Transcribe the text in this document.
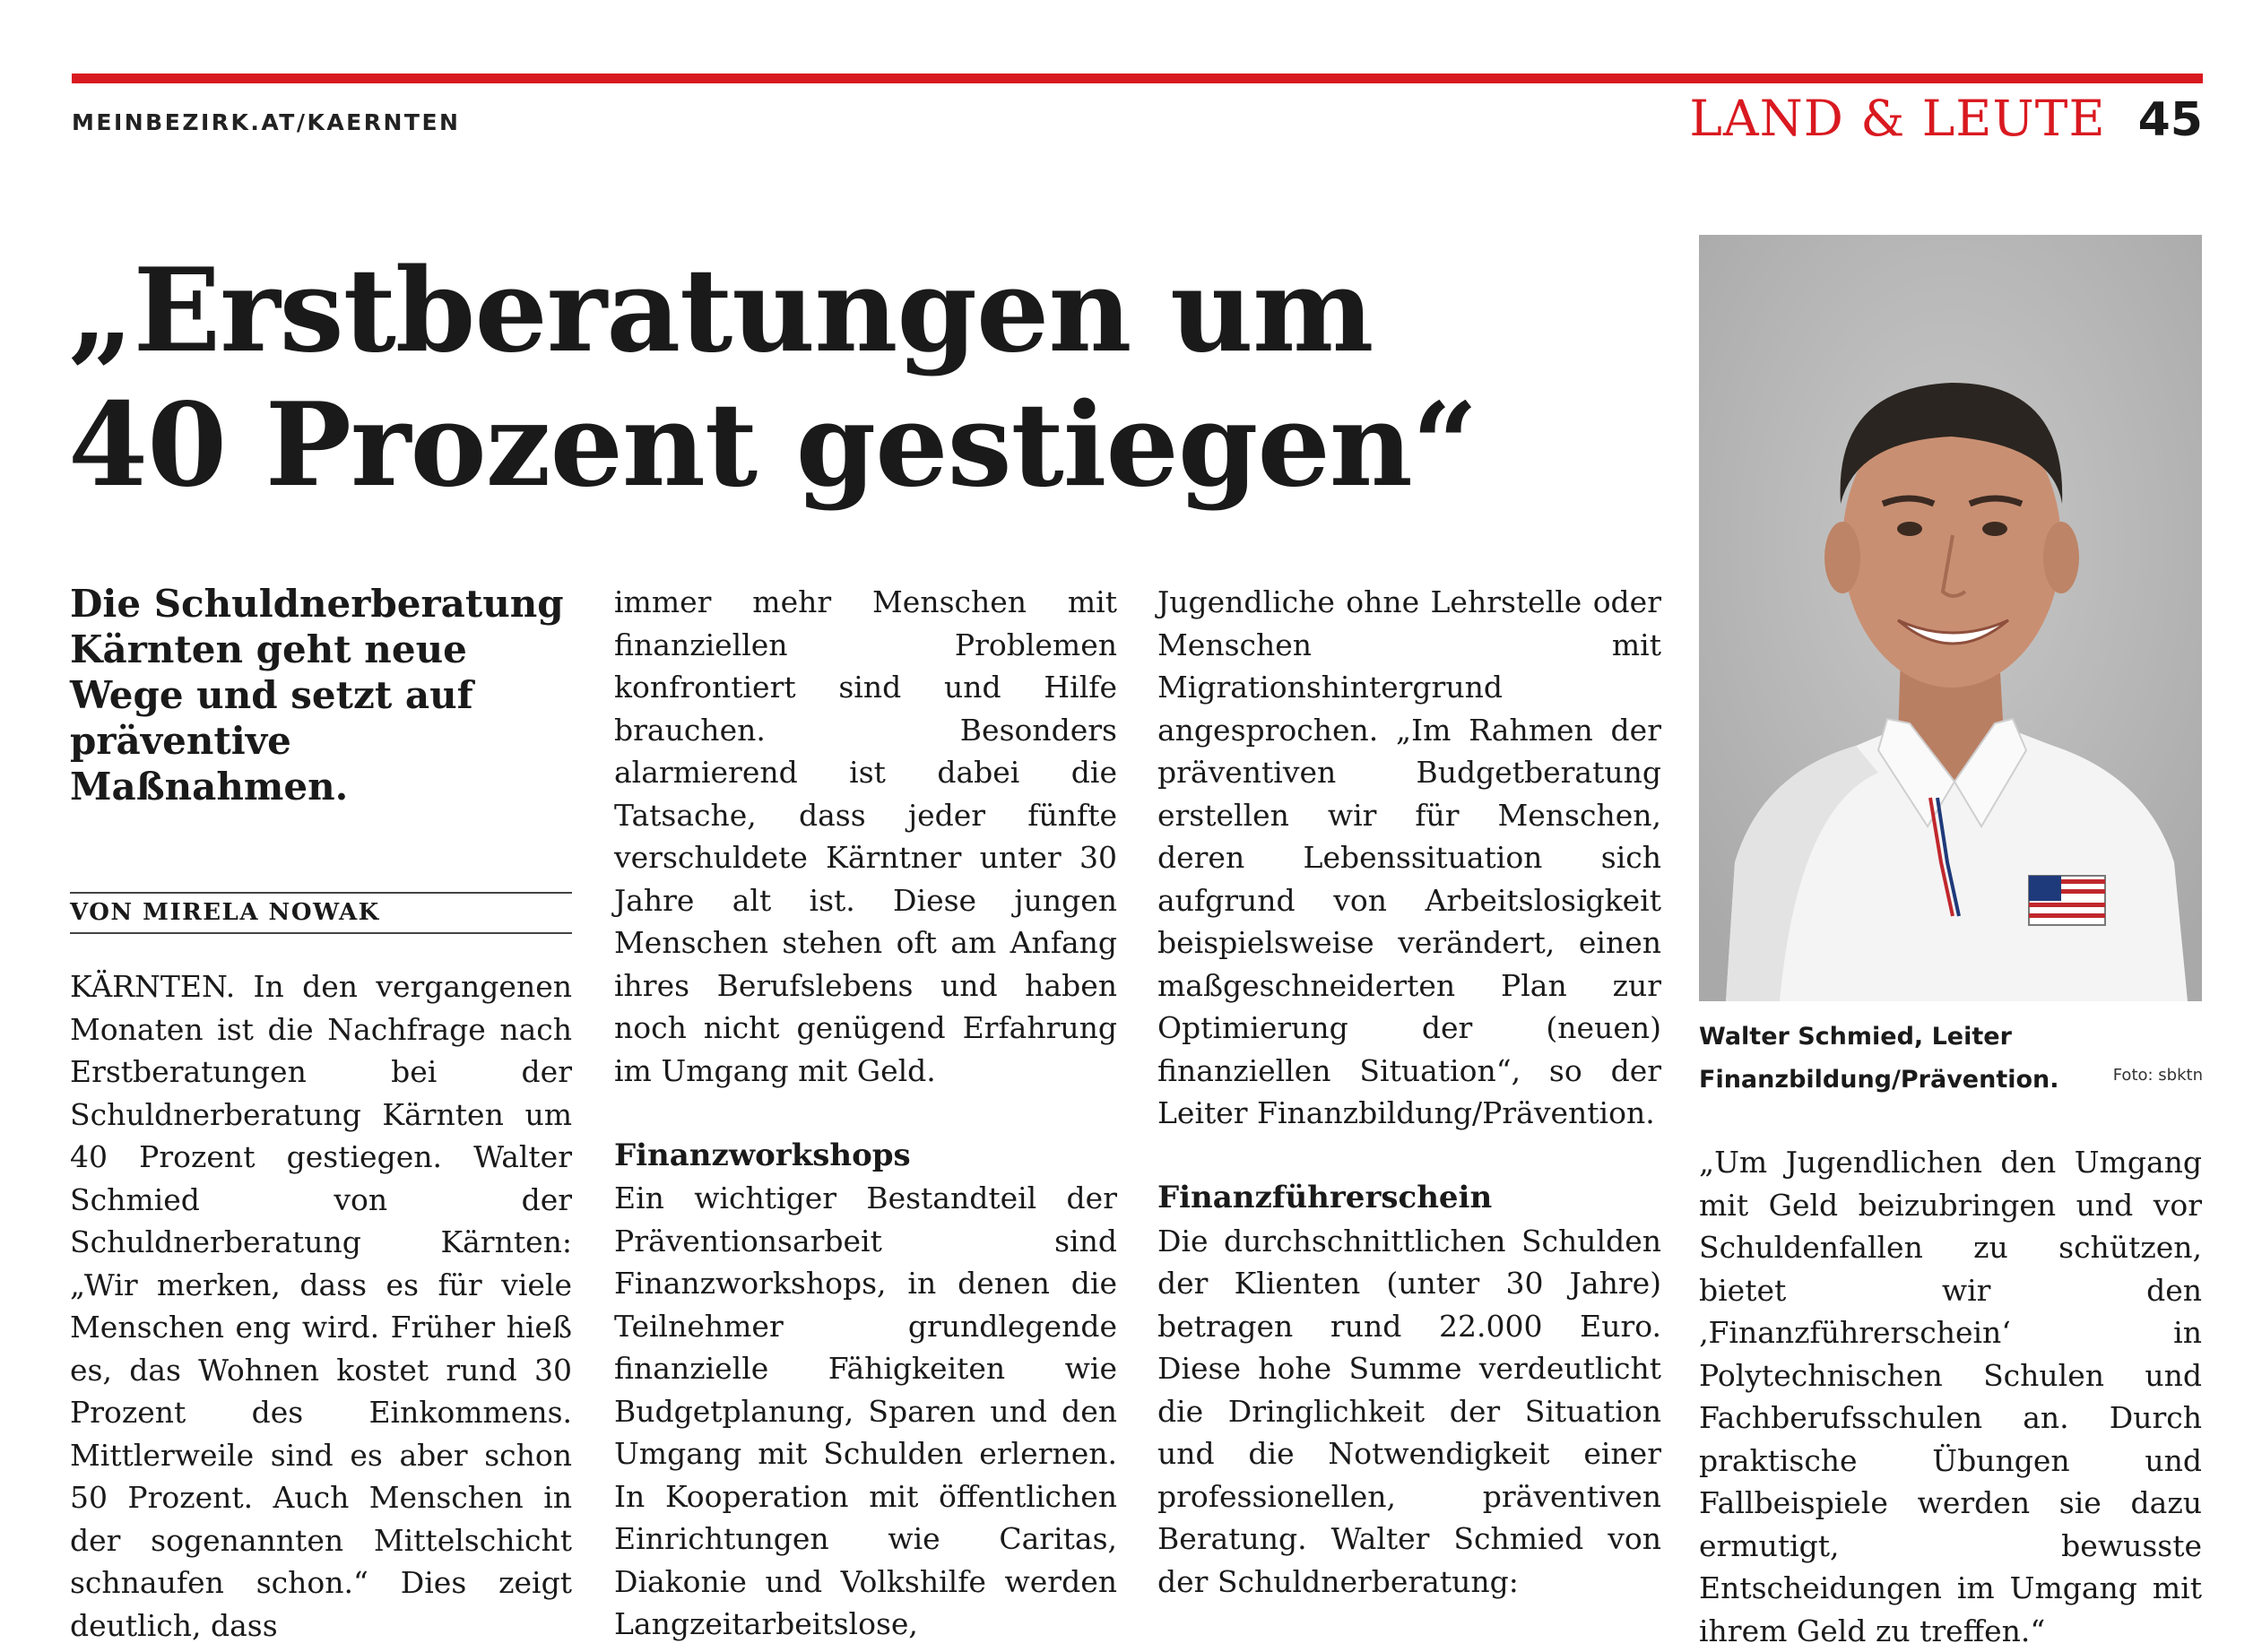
MEINBEZIRK.AT/KAERNTEN	LAND & LEUTE 45
„Erstberatungen um
40 Prozent gestiegen“
Walter Schmied, Leiter Finanzbildung/Prävention.	Foto: sbktn

Die Schuldnerberatung Kärnten geht neue Wege und setzt auf präventive Maßnahmen.

VON MIRELA NOWAK

KÄRNTEN. In den vergangenen Monaten ist die Nachfrage nach Erstberatungen bei der Schuldnerberatung Kärnten um 40 Prozent gestiegen. Walter Schmied von der Schuldnerberatung Kärnten: „Wir merken, dass es für viele Menschen eng wird. Früher hieß es, das Wohnen kostet rund 30 Prozent des Einkommens. Mittlerweile sind es aber schon 50 Prozent. Auch Menschen in der sogenannten Mittelschicht schnaufen schon.“ Dies zeigt deutlich, dass

immer mehr Menschen mit finanziellen Problemen konfrontiert sind und Hilfe brauchen. Besonders alarmierend ist dabei die Tatsache, dass jeder fünfte verschuldete Kärntner unter 30 Jahre alt ist. Diese jungen Menschen stehen oft am Anfang ihres Berufslebens und haben noch nicht genügend Erfahrung im Umgang mit Geld.

Finanzworkshops

Ein wichtiger Bestandteil der Präventionsarbeit sind Finanzworkshops, in denen die Teilnehmer grundlegende finanzielle Fähigkeiten wie Budgetplanung, Sparen und den Umgang mit Schulden erlernen. In Kooperation mit öffentlichen Einrichtungen wie Caritas, Diakonie und Volkshilfe werden Langzeitarbeitslose,

Jugendliche ohne Lehrstelle oder Menschen mit Migrationshintergrund angesprochen. „Im Rahmen der präventiven Budgetberatung erstellen wir für Menschen, deren Lebenssituation sich aufgrund von Arbeitslosigkeit beispielsweise verändert, einen maßgeschneiderten Plan zur Optimierung der (neuen) finanziellen Situation“, so der Leiter Finanzbildung/Prävention.

Finanzführerschein

Die durchschnittlichen Schulden der Klienten (unter 30 Jahre) betragen rund 22.000 Euro. Diese hohe Summe verdeutlicht die Dringlichkeit der Situation und die Notwendigkeit einer professionellen, präventiven Beratung. Walter Schmied von der Schuldnerberatung:

„Um Jugendlichen den Umgang mit Geld beizubringen und vor Schuldenfallen zu schützen, bietet wir den ‚Finanzführerschein‘ in Polytechnischen Schulen und Fachberufsschulen an. Durch praktische Übungen und Fallbeispiele werden sie dazu ermutigt, bewusste Entscheidungen im Umgang mit ihrem Geld zu treffen.“
